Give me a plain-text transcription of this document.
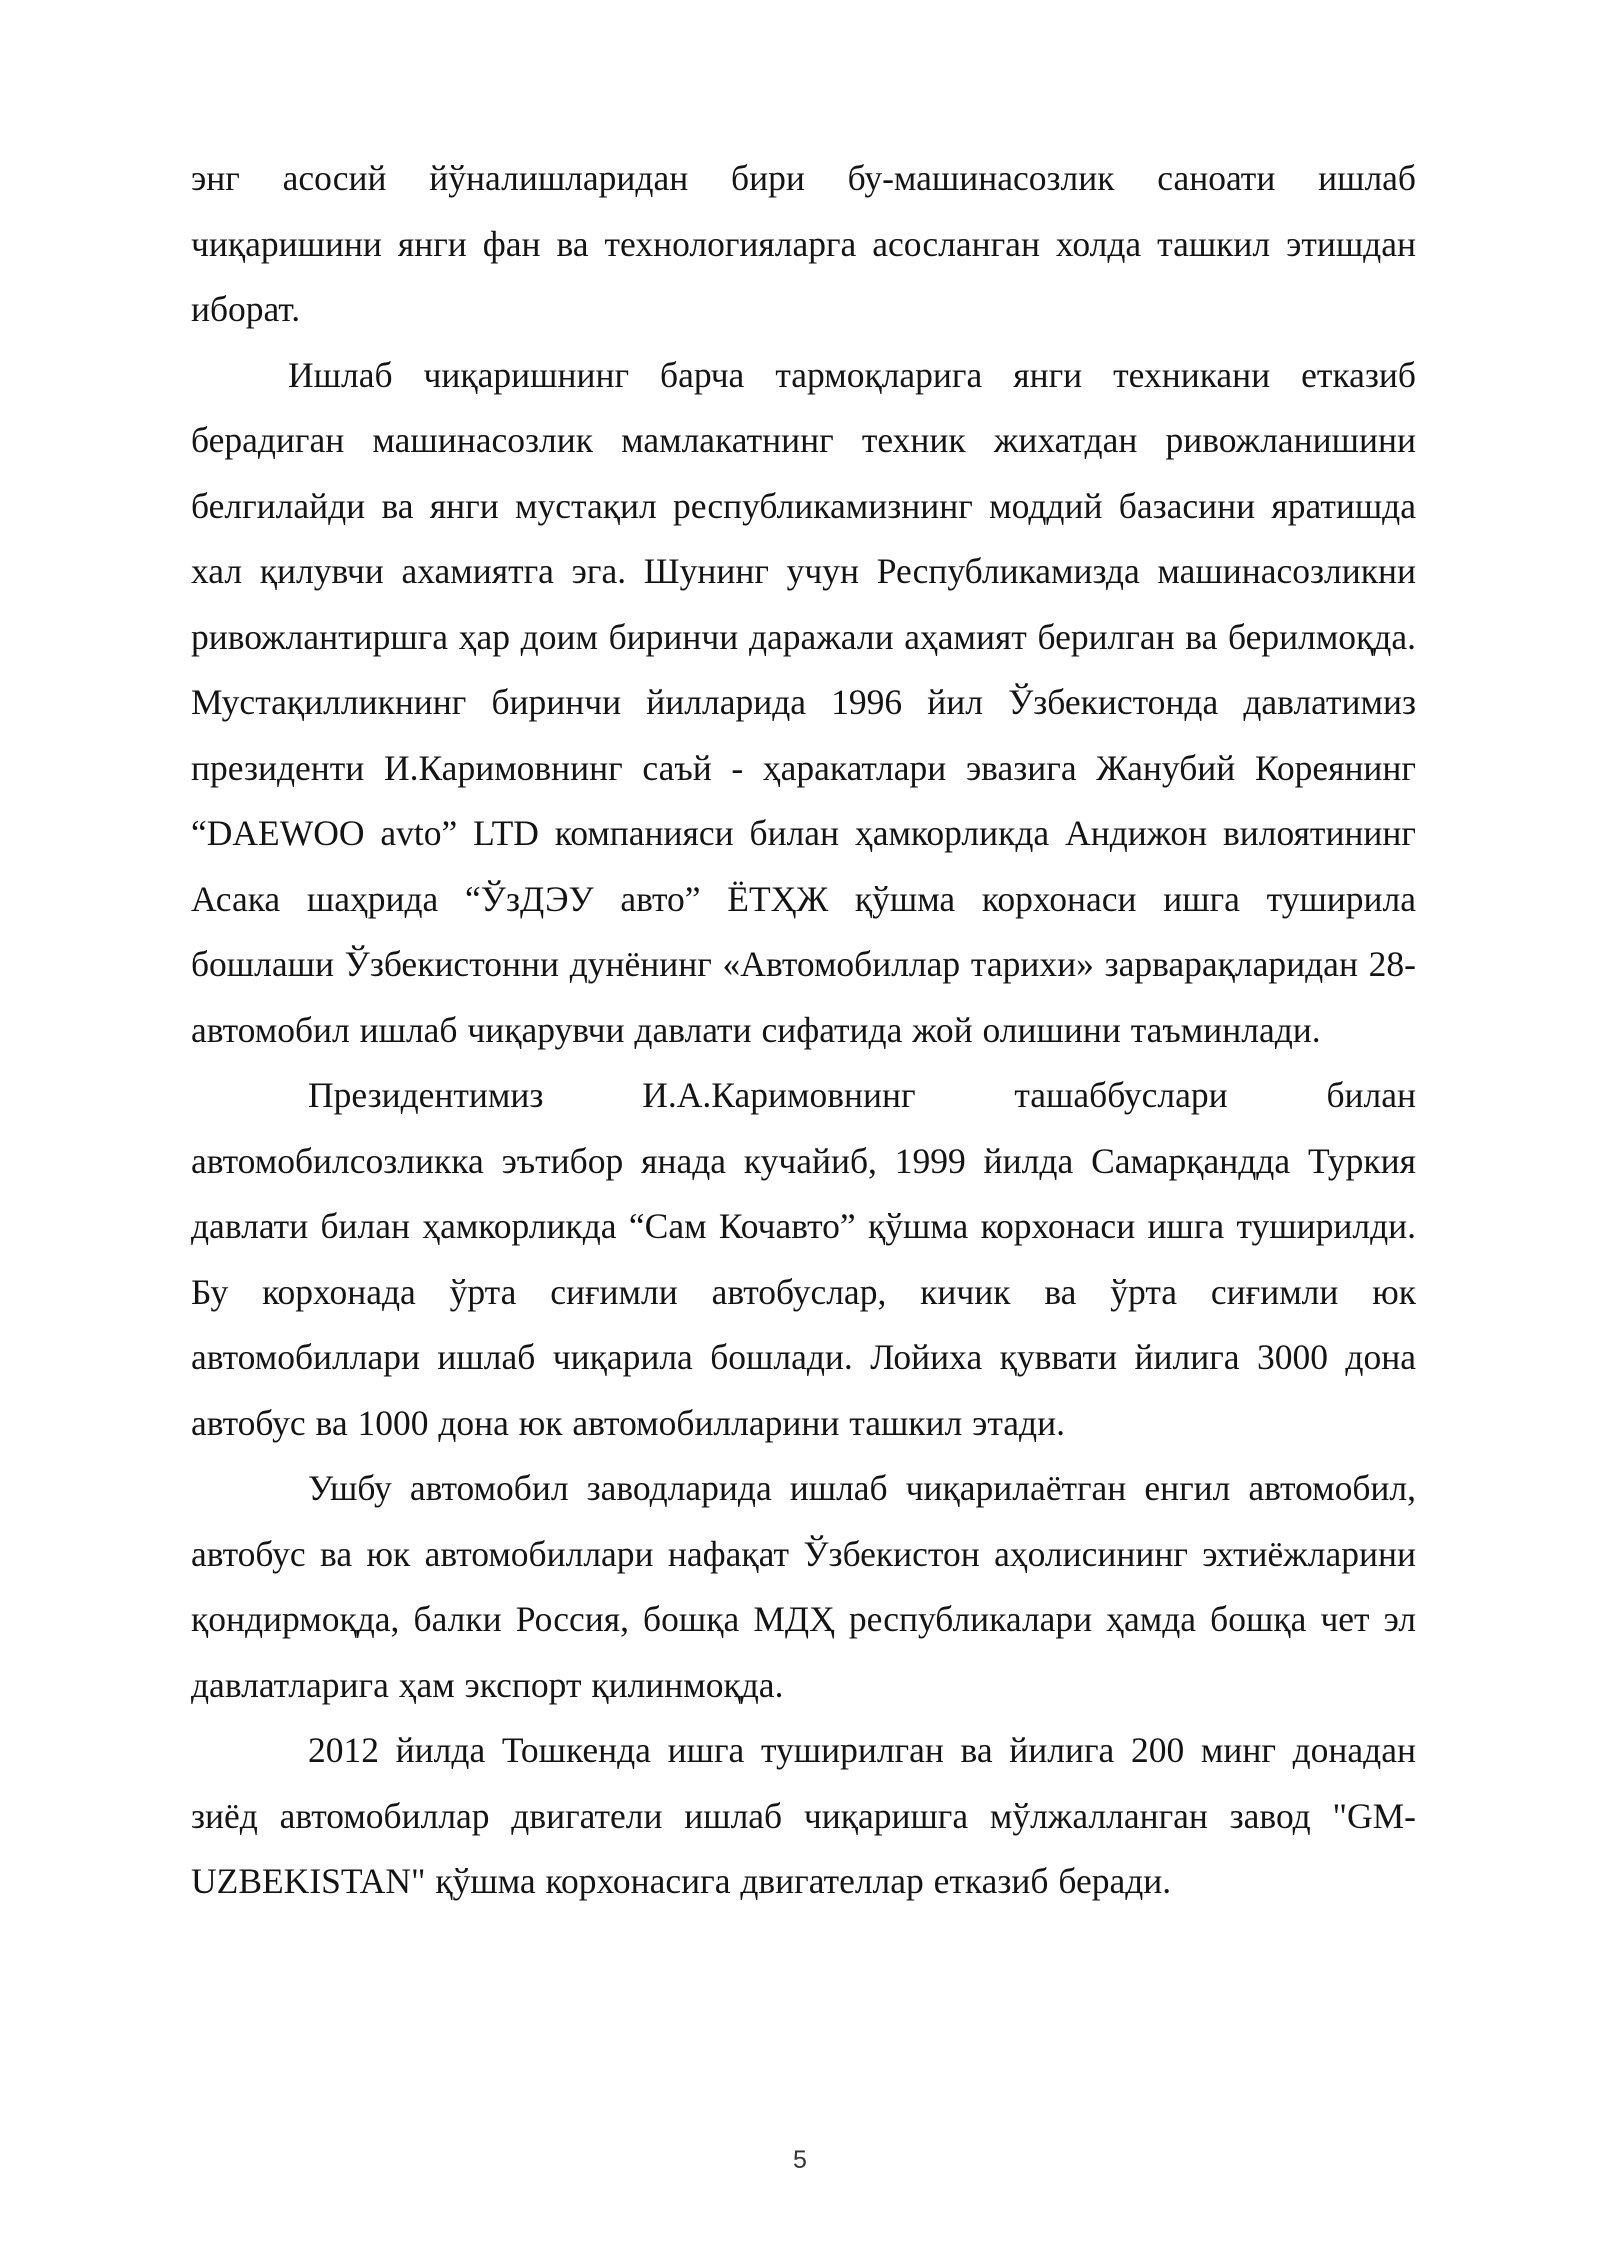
энг асосий йўналишларидан бири бу-машинасозлик саноати ишлаб чиқаришини янги фан ва технологияларга асосланган холда ташкил этишдан иборат.

Ишлаб чиқаришнинг барча тармоқларига янги техникани етказиб берадиган машинасозлик мамлакатнинг техник жихатдан ривожланишини белгилайди ва янги мустақил республикамизнинг моддий базасини яратишда хал қилувчи ахамиятга эга. Шунинг учун Республикамизда машинасозликни ривожлантиршга ҳар доим биринчи даражали аҳамият берилган ва берилмоқда. Мустақилликнинг биринчи йилларида 1996 йил Ўзбекистонда давлатимиз президенти И.Каримовнинг саъй - ҳаракатлари эвазига Жанубий Кореянинг “DAEWOO avto” LTD компанияси билан ҳамкорликда Андижон вилоятининг Асака шаҳрида “ЎзДЭУ авто” ЁТҲЖ қўшма корхонаси ишга туширила бошлаши Ўзбекистонни дунёнинг «Автомобиллар тарихи» зарварақларидан 28-автомобил ишлаб чиқарувчи давлати сифатида жой олишини таъминлади.

Президентимиз И.А.Каримовнинг ташаббуслари билан автомобилсозликка эътибор янада кучайиб, 1999 йилда Самарқандда Туркия давлати билан ҳамкорликда “Сам Кочавто” қўшма корхонаси ишга туширилди. Бу корхонада ўрта сиғимли автобуслар, кичик ва ўрта сиғимли юк автомобиллари ишлаб чиқарила бошлади. Лойиха қуввати йилига 3000 дона автобус ва 1000 дона юк автомобилларини ташкил этади.

Ушбу автомобил заводларида ишлаб чиқарилаётган енгил автомобил, автобус ва юк автомобиллари нафақат Ўзбекистон аҳолисининг эхтиёжларини қондирмоқда, балки Россия, бошқа МДҲ республикалари ҳамда бошқа чет эл давлатларига ҳам экспорт қилинмоқда.

2012 йилда Тошкенда ишга туширилган ва йилига 200 минг донадан зиёд автомобиллар двигатели ишлаб чиқаришга мўлжалланган завод "GM-UZBEKISTAN" қўшма корхонасига двигателлар етказиб беради.

5
